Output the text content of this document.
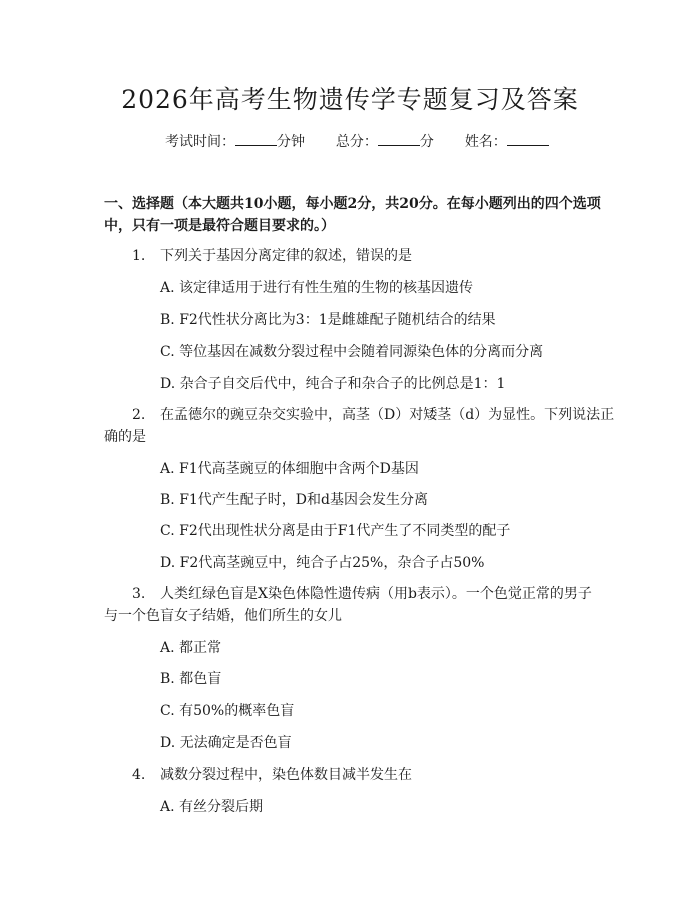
2026年高考生物遗传学专题复习及答案
考试时间：	分钟 总分：	分 姓名：
一、选择题（本大题共10小题，每小题2分，共20分。在每小题列出的四个选项中，只有一项是最符合题目要求的。）
1. 下列关于基因分离定律的叙述，错误的是
A. 该定律适用于进行有性生殖的生物的核基因遗传
B. F2代性状分离比为3：1是雌雄配子随机结合的结果
C. 等位基因在减数分裂过程中会随着同源染色体的分离而分离
D. 杂合子自交后代中，纯合子和杂合子的比例总是1：1
2. 在孟德尔的豌豆杂交实验中，高茎（D）对矮茎（d）为显性。下列说法正
确的是
A. F1代高茎豌豆的体细胞中含两个D基因
B. F1代产生配子时，D和d基因会发生分离
C. F2代出现性状分离是由于F1代产生了不同类型的配子
D. F2代高茎豌豆中，纯合子占25%，杂合子占50%
3. 人类红绿色盲是X染色体隐性遗传病（用b表示）。一个色觉正常的男子
与一个色盲女子结婚，他们所生的女儿
A. 都正常
B. 都色盲
C. 有50%的概率色盲
D. 无法确定是否色盲
4. 减数分裂过程中，染色体数目减半发生在
A. 有丝分裂后期
